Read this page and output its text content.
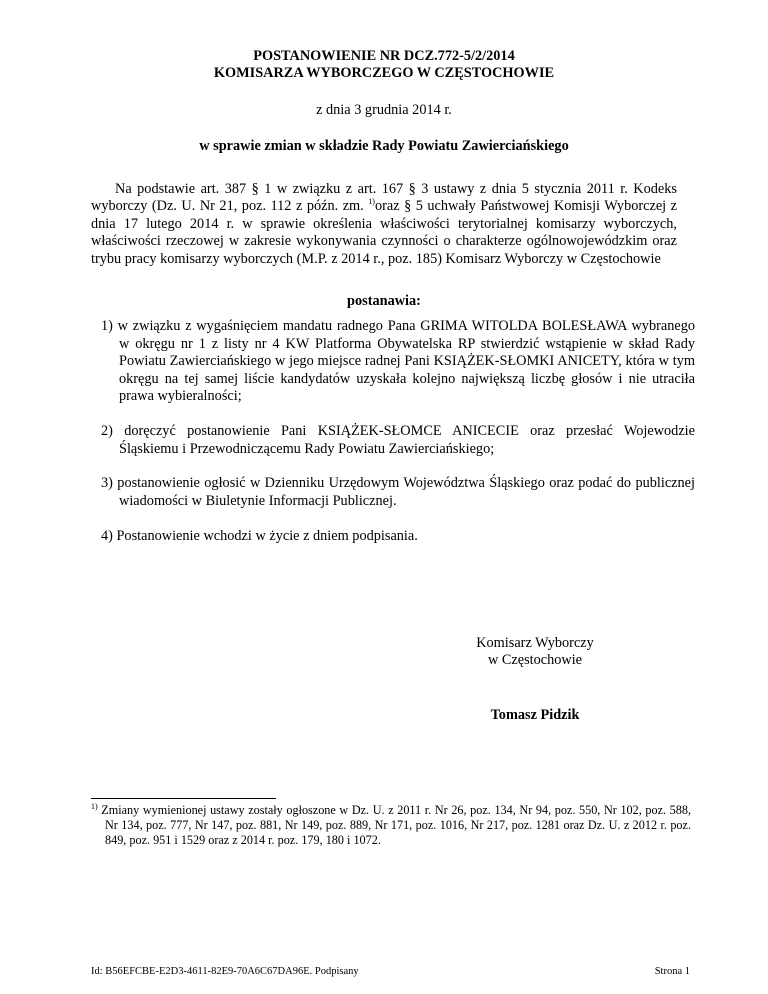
POSTANOWIENIE NR DCZ.772-5/2/2014
KOMISARZA WYBORCZEGO W CZĘSTOCHOWIE
z dnia 3 grudnia 2014 r.
w sprawie zmian w składzie Rady Powiatu Zawierciańskiego

Na podstawie art. 387 § 1 w związku z art. 167 § 3 ustawy z dnia 5 stycznia 2011 r. Kodeks wyborczy (Dz. U. Nr 21, poz. 112 z późn. zm. $^{1)}$oraz § 5 uchwały Państwowej Komisji Wyborczej z dnia 17 lutego 2014 r. w sprawie określenia właściwości terytorialnej komisarzy wyborczych, właściwości rzeczowej w zakresie wykonywania czynności o charakterze ogólnowojewódzkim oraz trybu pracy komisarzy wyborczych (M.P. z 2014 r., poz. 185) Komisarz Wyborczy w Częstochowie

postanawia:

1) w związku z wygaśnięciem mandatu radnego Pana GRIMA WITOLDA BOLESŁAWA wybranego w okręgu nr 1 z listy nr 4 KW Platforma Obywatelska RP stwierdzić wstąpienie w skład Rady Powiatu Zawierciańskiego w jego miejsce radnej Pani KSIĄŻEK-SŁOMKI ANICETY, która w tym okręgu na tej samej liście kandydatów uzyskała kolejno największą liczbę głosów i nie utraciła prawa wybieralności;

2) doręczyć postanowienie Pani KSIĄŻEK-SŁOMCE ANICECIE oraz przesłać Wojewodzie Śląskiemu i Przewodniczącemu Rady Powiatu Zawierciańskiego;

3) postanowienie ogłosić w Dzienniku Urzędowym Województwa Śląskiego oraz podać do publicznej wiadomości w Biuletynie Informacji Publicznej.

4) Postanowienie wchodzi w życie z dniem podpisania.

Komisarz Wyborczy
w Częstochowie
Tomasz Pidzik

$^{1)}$ Zmiany wymienionej ustawy zostały ogłoszone w Dz. U. z 2011 r. Nr 26, poz. 134, Nr 94, poz. 550, Nr 102, poz. 588, Nr 134, poz. 777, Nr 147, poz. 881, Nr 149, poz. 889, Nr 171, poz. 1016, Nr 217, poz. 1281 oraz Dz. U. z 2012 r. poz. 849, poz. 951 i 1529 oraz z 2014 r. poz. 179, 180 i 1072.

Id: B56EFCBE-E2D3-4611-82E9-70A6C67DA96E. Podpisany	Strona 1
